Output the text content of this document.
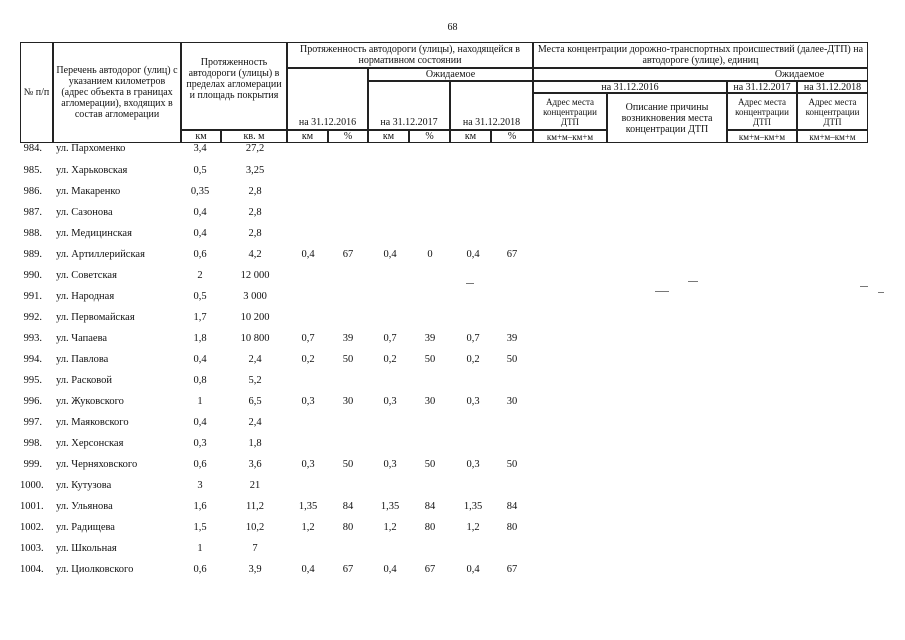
68
№ п/п
Перечень автодорог (улиц) с указанием километров (адрес объекта в границах агломерации), входящих в состав агломерации
Протяженность автодороги (улицы) в пределах агломерации и площадь покрытия
км	кв. м
Протяженность автодороги (улицы), находящейся в нормативном состоянии
на 31.12.2016
Ожидаемое
на 31.12.2017	на 31.12.2018
км	%	км	%	км	%
Места концентрации дорожно-транспортных происшествий (далее-ДТП) на автодороге (улице), единиц
Ожидаемое
на 31.12.2016	на 31.12.2017	на 31.12.2018
Адрес места концентрации ДТП
Описание причины возникновения места концентрации ДТП
Адрес места концентрации ДТП
Адрес места концентрации ДТП
км+м–км+м	км+м–км+м	км+м–км+м
984. ул. Пархоменко	3,4	27,2
985. ул. Харьковская	0,5	3,25
986. ул. Макаренко	0,35	2,8
987. ул. Сазонова	0,4	2,8
988. ул. Медицинская	0,4	2,8
989. ул. Артиллерийская	0,6	4,2	0,4	67	0,4	0	0,4	67
990. ул. Советская	2	12 000
991. ул. Народная	0,5	3 000
992. ул. Первомайская	1,7	10 200
993. ул. Чапаева	1,8	10 800	0,7	39	0,7	39	0,7	39
994. ул. Павлова	0,4	2,4	0,2	50	0,2	50	0,2	50
995. ул. Расковой	0,8	5,2
996. ул. Жуковского	1	6,5	0,3	30	0,3	30	0,3	30
997. ул. Маяковского	0,4	2,4
998. ул. Херсонская	0,3	1,8
999. ул. Черняховского	0,6	3,6	0,3	50	0,3	50	0,3	50
1000. ул. Кутузова	3	21
1001. ул. Ульянова	1,6	11,2	1,35	84	1,35	84	1,35	84
1002. ул. Радищева	1,5	10,2	1,2	80	1,2	80	1,2	80
1003. ул. Школьная	1	7
1004. ул. Циолковского	0,6	3,9	0,4	67	0,4	67	0,4	67
